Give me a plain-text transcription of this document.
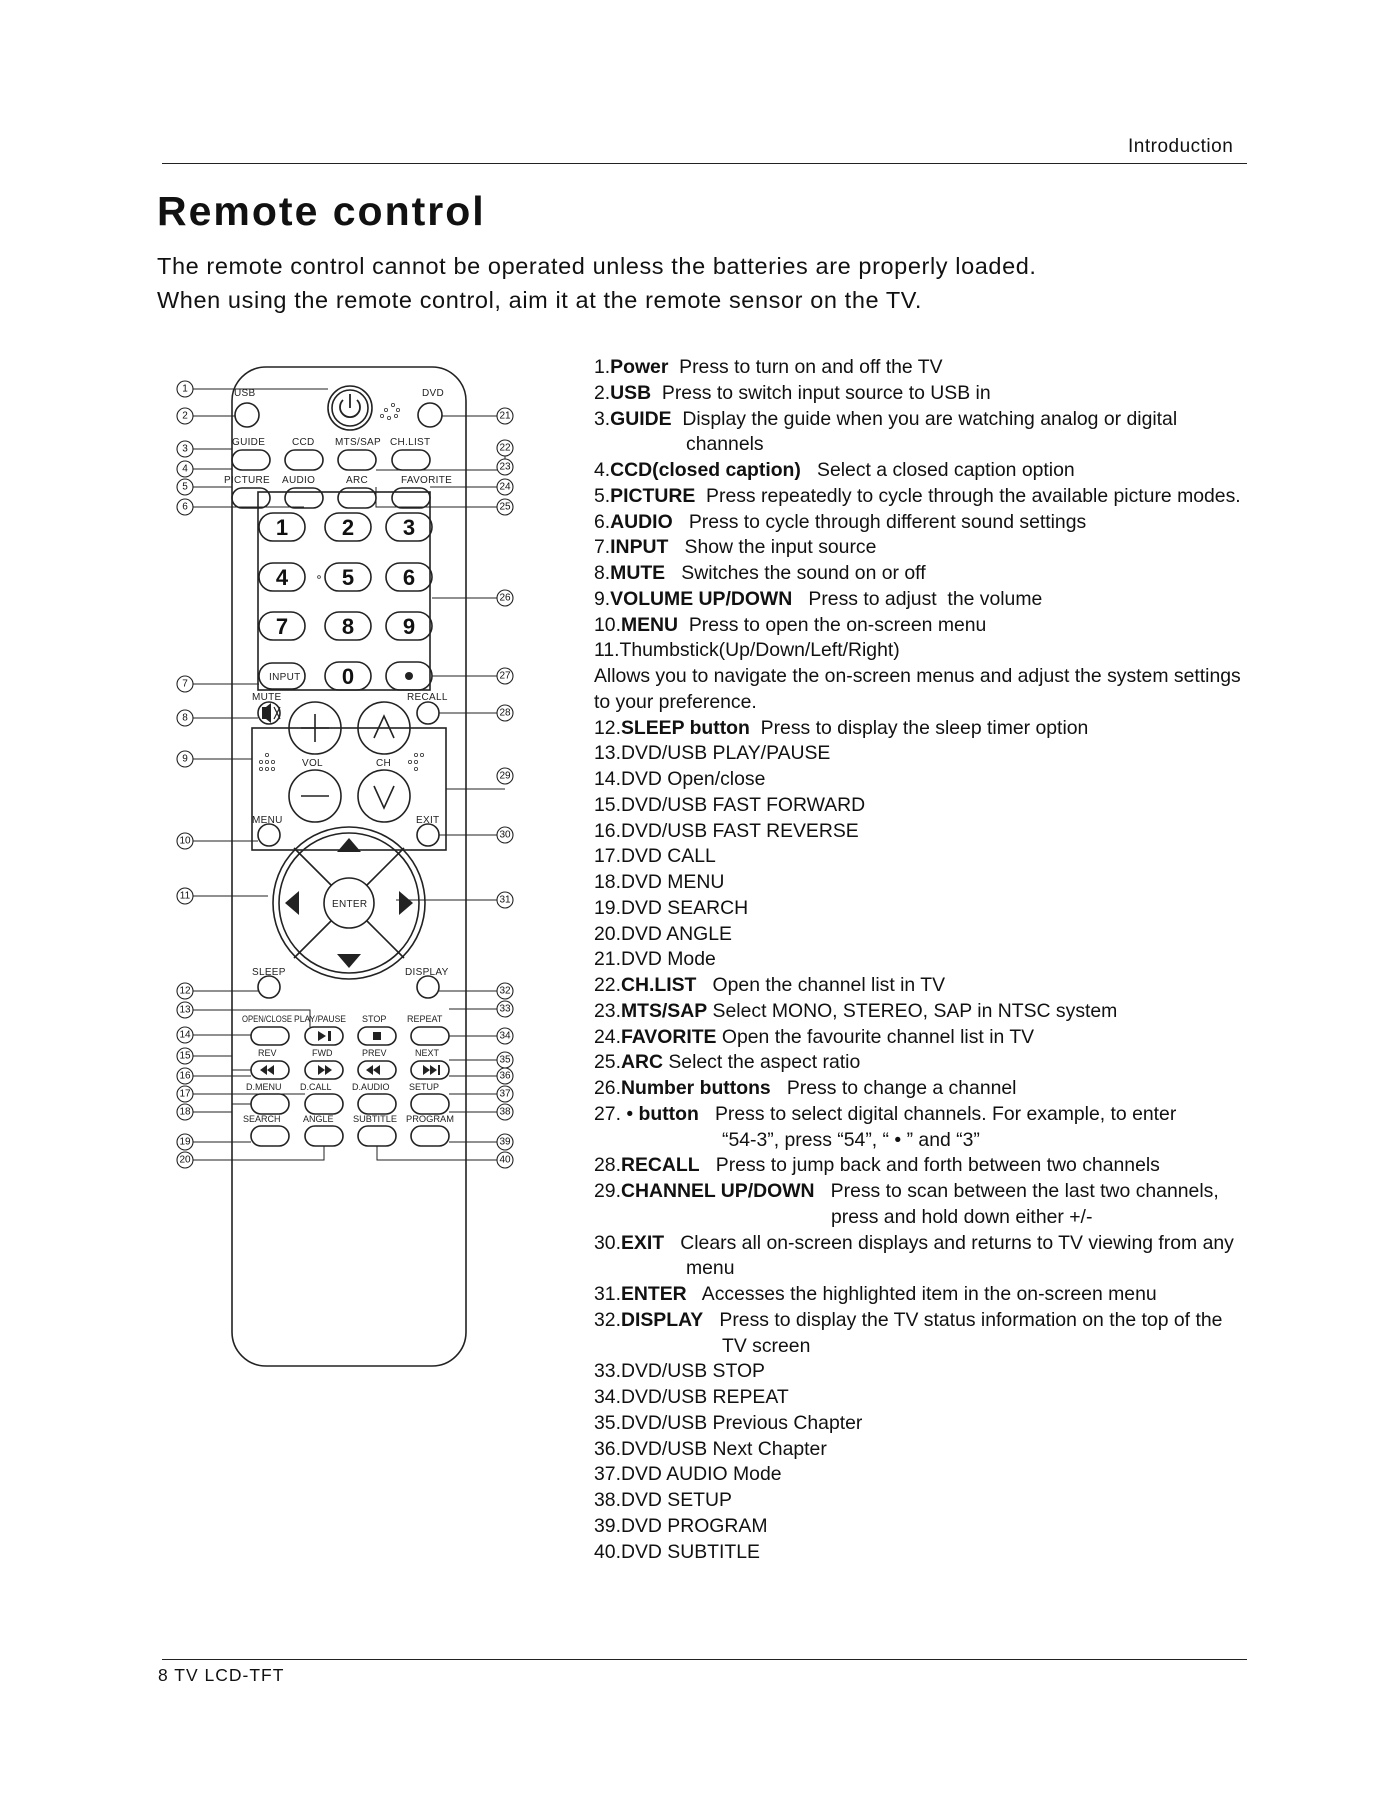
Introduction
Remote control
The remote control cannot be operated unless the batteries are properly loaded.
When using the remote control, aim it at the remote sensor on the TV.
USB	DVD
GUIDE	CCD MTS/SAP CH.LIST
PICTURE AUDIO	ARC	FAVORITE
INPUT
MUTE	RECALL
VOL	CH
MENU	EXIT
ENTER
SLEEP	DISPLAY
OPEN/CLOSE PLAY/PAUSE STOP REPEAT
REV	FWD	PREV	NEXT
D.MENU D.CALL D.AUDIO SETUP
SEARCH ANGLE SUBTITLE PROGRAM
1 2 3
4 5 6
7 8 9
0
1
2
3
4
5
6
7
8
9
10
11
12
13
14
15
16
17
18
19
20
21
22
23
24
25
26
27
28
29
30
31
32
33
34
35
36
37
38
39
40
1.Power  Press to turn on and off the TV
2.USB  Press to switch input source to USB in
3.GUIDE  Display the guide when you are watching analog or digital
channels
4.CCD(closed caption)   Select a closed caption option
5.PICTURE  Press repeatedly to cycle through the available picture modes.
6.AUDIO   Press to cycle through different sound settings
7.INPUT   Show the input source
8.MUTE   Switches the sound on or off
9.VOLUME UP/DOWN   Press to adjust  the volume
10.MENU  Press to open the on-screen menu
11.Thumbstick(Up/Down/Left/Right)
Allows you to navigate the on-screen menus and adjust the system settings
to your preference.
12.SLEEP button  Press to display the sleep timer option
13.DVD/USB PLAY/PAUSE
14.DVD Open/close
15.DVD/USB FAST FORWARD
16.DVD/USB FAST REVERSE
17.DVD CALL
18.DVD MENU
19.DVD SEARCH
20.DVD ANGLE
21.DVD Mode
22.CH.LIST   Open the channel list in TV
23.MTS/SAP Select MONO, STEREO, SAP in NTSC system
24.FAVORITE Open the favourite channel list in TV
25.ARC Select the aspect ratio
26.Number buttons   Press to change a channel
27. • button   Press to select digital channels. For example, to enter
“54-3”, press “54”, “ • ” and “3”
28.RECALL   Press to jump back and forth between two channels
29.CHANNEL UP/DOWN   Press to scan between the last two channels,
press and hold down either +/-
30.EXIT   Clears all on-screen displays and returns to TV viewing from any
menu
31.ENTER   Accesses the highlighted item in the on-screen menu
32.DISPLAY   Press to display the TV status information on the top of the
TV screen
33.DVD/USB STOP
34.DVD/USB REPEAT
35.DVD/USB Previous Chapter
36.DVD/USB Next Chapter
37.DVD AUDIO Mode
38.DVD SETUP
39.DVD PROGRAM
40.DVD SUBTITLE
8 TV LCD-TFT
